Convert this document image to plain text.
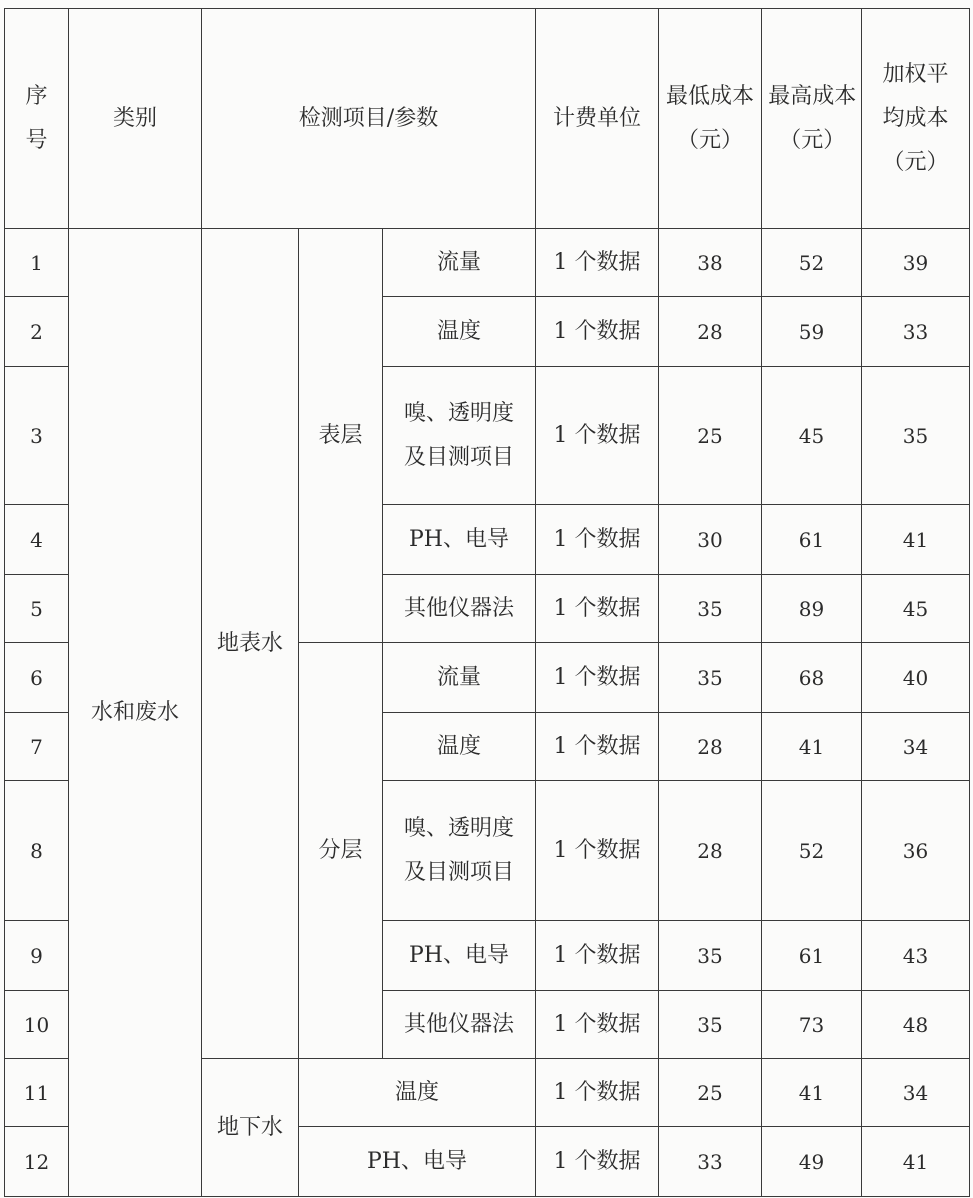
序号	类别	检测项目/参数			计费单位	最低成本（元）	最高成本（元）	加权平均成本（元）
1	水和废水	地表水	表层	流量	1 个数据	38	52	39
2				温度	1 个数据	28	59	33
3				嗅、透明度及目测项目	1 个数据	25	45	35
4				PH、电导	1 个数据	30	61	41
5				其他仪器法	1 个数据	35	89	45
6			分层	流量	1 个数据	35	68	40
7				温度	1 个数据	28	41	34
8				嗅、透明度及目测项目	1 个数据	28	52	36
9				PH、电导	1 个数据	35	61	43
10				其他仪器法	1 个数据	35	73	48
11		地下水	温度		1 个数据	25	41	34
12			PH、电导		1 个数据	33	49	41
